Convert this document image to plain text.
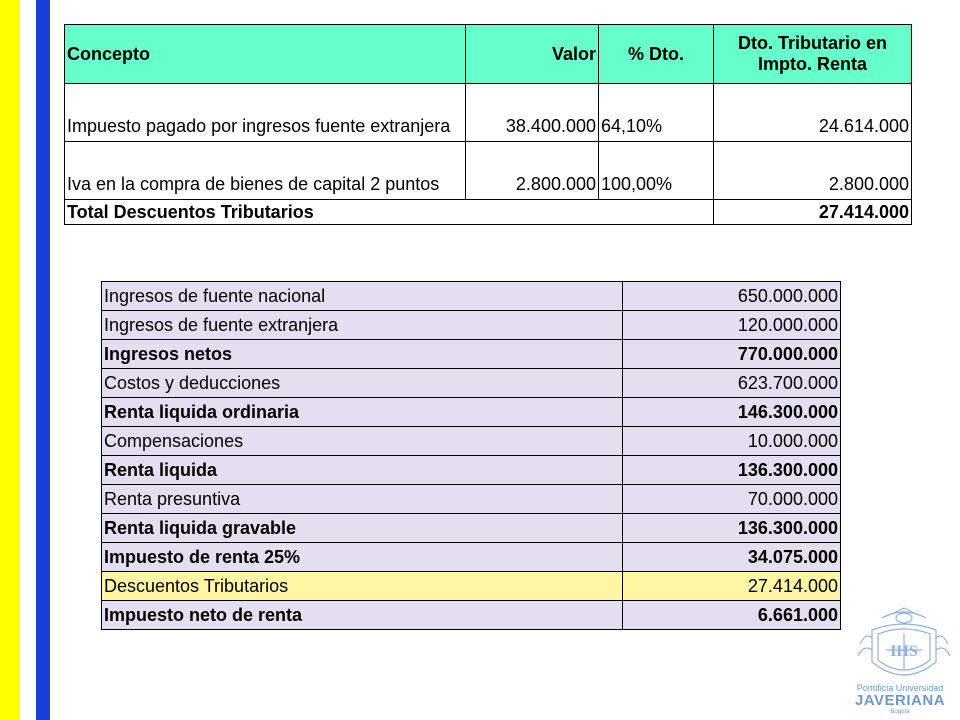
Concepto	Valor	% Dto.	Dto. Tributario en Impto. Renta
Impuesto pagado por ingresos fuente extranjera	38.400.000	64,10%	24.614.000
Iva en la compra de bienes de capital 2 puntos	2.800.000	100,00%	2.800.000
Total Descuentos Tributarios			27.414.000
Ingresos de fuente nacional	650.000.000
Ingresos de fuente extranjera	120.000.000
Ingresos netos	770.000.000
Costos y deducciones	623.700.000
Renta liquida ordinaria	146.300.000
Compensaciones	10.000.000
Renta liquida	136.300.000
Renta presuntiva	70.000.000
Renta liquida gravable	136.300.000
Impuesto de renta 25%	34.075.000
Descuentos Tributarios	27.414.000
Impuesto neto de renta	6.661.000
IHS
Pontificia Universidad
JAVERIANA
Bogotá
